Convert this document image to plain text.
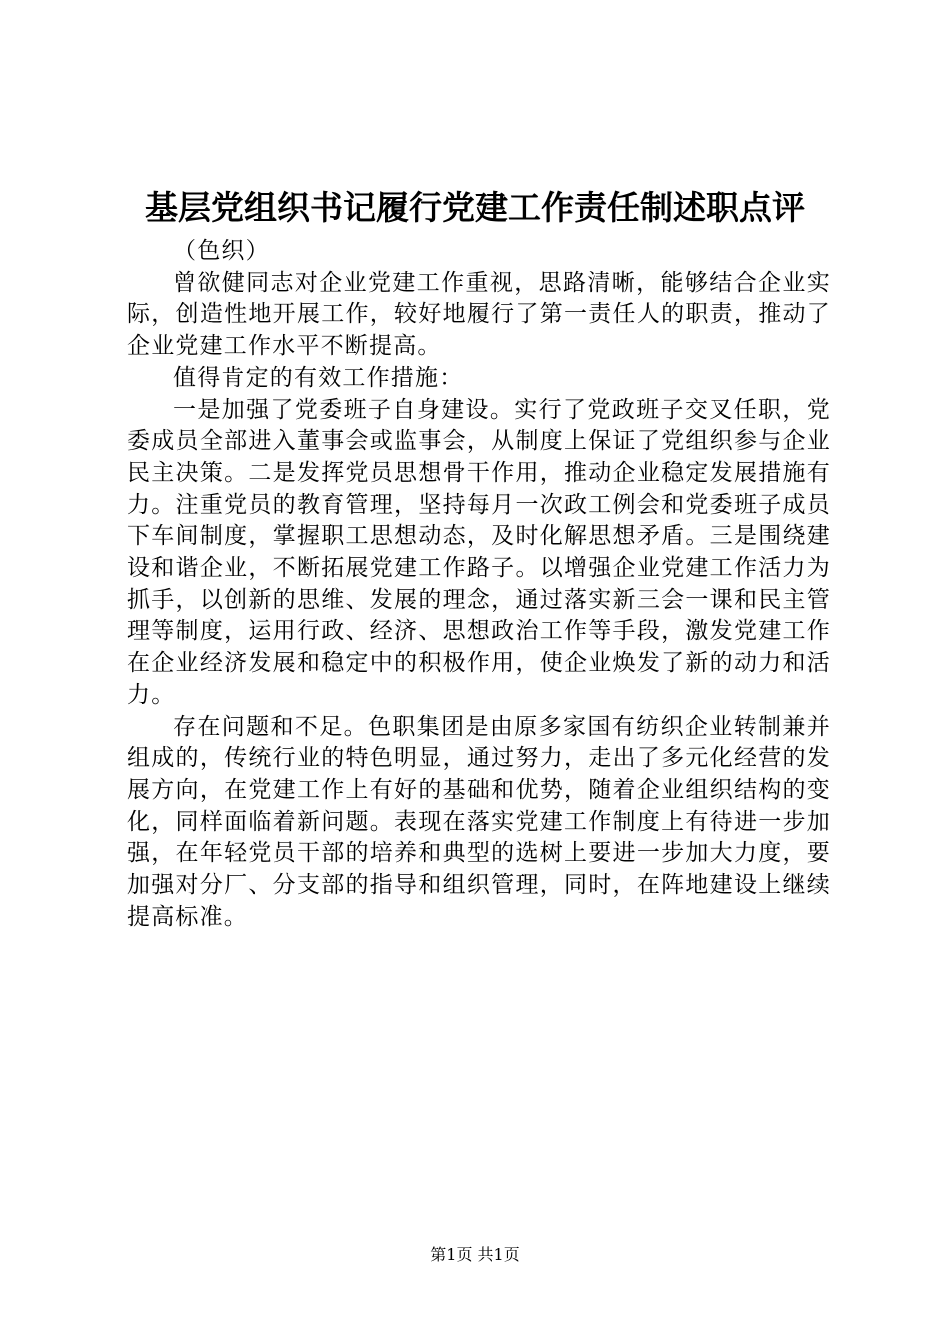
基层党组织书记履行党建工作责任制述职点评

（色织）

曾欲健同志对企业党建工作重视，思路清晰，能够结合企业实际，创造性地开展工作，较好地履行了第一责任人的职责，推动了企业党建工作水平不断提高。

值得肯定的有效工作措施：

一是加强了党委班子自身建设。实行了党政班子交叉任职，党委成员全部进入董事会或监事会，从制度上保证了党组织参与企业民主决策。二是发挥党员思想骨干作用，推动企业稳定发展措施有力。注重党员的教育管理，坚持每月一次政工例会和党委班子成员下车间制度，掌握职工思想动态，及时化解思想矛盾。三是围绕建设和谐企业，不断拓展党建工作路子。以增强企业党建工作活力为抓手，以创新的思维、发展的理念，通过落实新三会一课和民主管理等制度，运用行政、经济、思想政治工作等手段，激发党建工作在企业经济发展和稳定中的积极作用，使企业焕发了新的动力和活力。

存在问题和不足。色职集团是由原多家国有纺织企业转制兼并组成的，传统行业的特色明显，通过努力，走出了多元化经营的发展方向，在党建工作上有好的基础和优势，随着企业组织结构的变化，同样面临着新问题。表现在落实党建工作制度上有待进一步加强，在年轻党员干部的培养和典型的选树上要进一步加大力度，要加强对分厂、分支部的指导和组织管理，同时，在阵地建设上继续提高标准。

第1页 共1页
